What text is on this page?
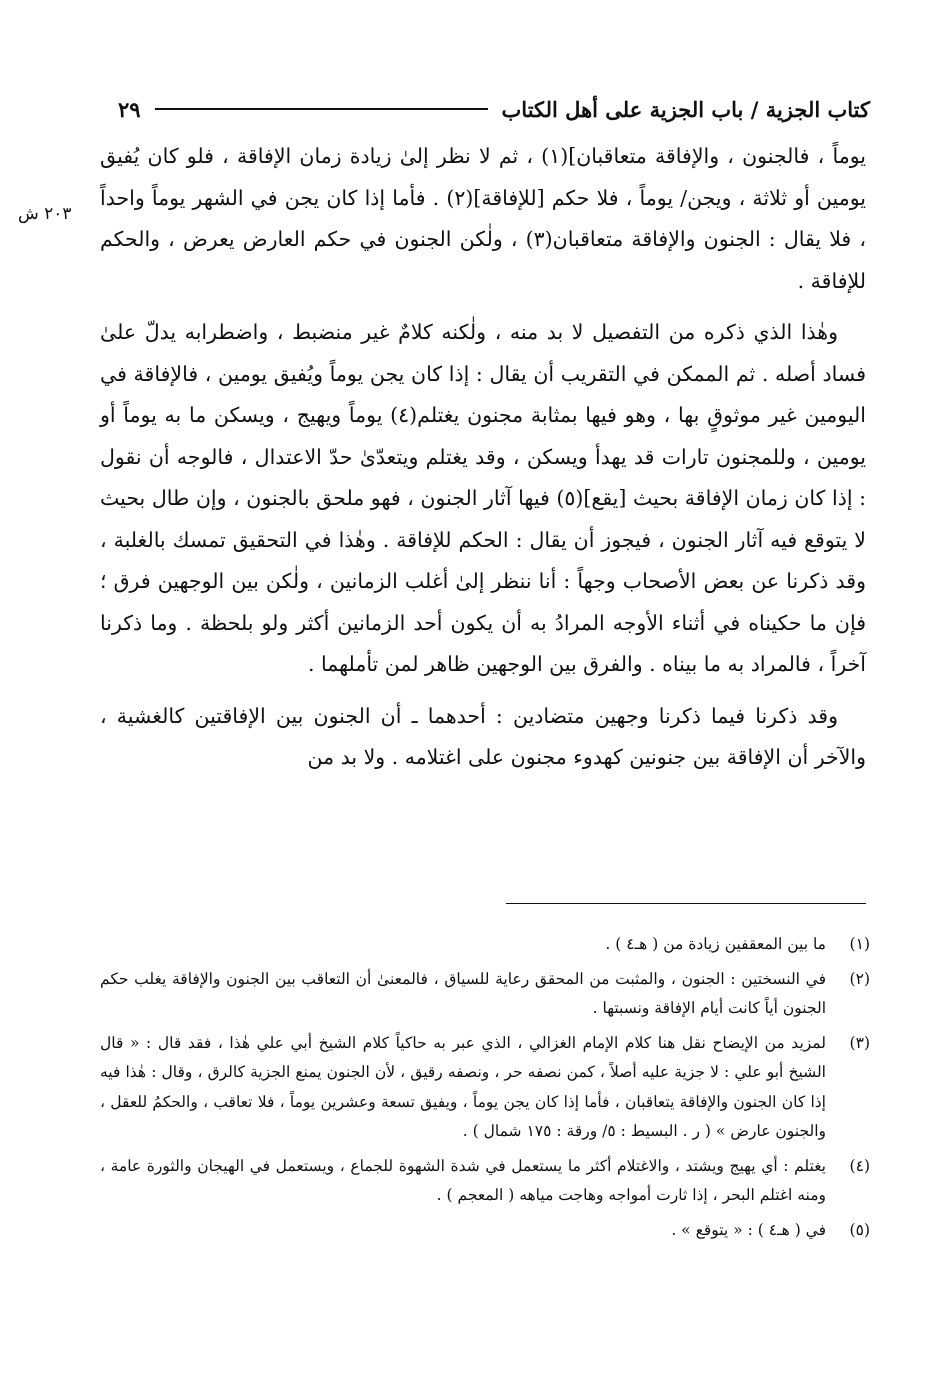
كتاب الجزية / باب الجزية على أهل الكتاب
٢٩
٢٠٣ ش

يوماً ، فالجنون ، والإفاقة متعاقبان](١) ، ثم لا نظر إلىٰ زيادة زمان الإفاقة ، فلو كان يُفيق يومين أو ثلاثة ، ويجن/ يوماً ، فلا حكم [للإفاقة](٢) . فأما إذا كان يجن في الشهر يوماً واحداً ، فلا يقال : الجنون والإفاقة متعاقبان(٣) ، ولٰكن الجنون في حكم العارض يعرض ، والحكم للإفاقة .

وهٰذا الذي ذكره من التفصيل لا بد منه ، ولٰكنه كلامٌ غير منضبط ، واضطرابه يدلّ علىٰ فساد أصله . ثم الممكن في التقريب أن يقال : إذا كان يجن يوماً ويُفيق يومين ، فالإفاقة في اليومين غير موثوقٍ بها ، وهو فيها بمثابة مجنون يغتلم(٤) يوماً ويهيج ، ويسكن ما به يوماً أو يومين ، وللمجنون تارات قد يهدأ ويسكن ، وقد يغتلم ويتعدّىٰ حدّ الاعتدال ، فالوجه أن نقول : إذا كان زمان الإفاقة بحيث [يقع](٥) فيها آثار الجنون ، فهو ملحق بالجنون ، وإن طال بحيث لا يتوقع فيه آثار الجنون ، فيجوز أن يقال : الحكم للإفاقة . وهٰذا في التحقيق تمسك بالغلبة ، وقد ذكرنا عن بعض الأصحاب وجهاً : أنا ننظر إلىٰ أغلب الزمانين ، ولٰكن بين الوجهين فرق ؛ فإن ما حكيناه في أثناء الأوجه المرادُ به أن يكون أحد الزمانين أكثر ولو بلحظة . وما ذكرنا آخراً ، فالمراد به ما بيناه . والفرق بين الوجهين ظاهر لمن تأملهما .

وقد ذكرنا فيما ذكرنا وجهين متضادين : أحدهما ـ أن الجنون بين الإفاقتين كالغشية ، والآخر أن الإفاقة بين جنونين كهدوء مجنون على اغتلامه . ولا بد من

(١)
ما بين المعقفين زيادة من ( هـ٤ ) .
(٢)
في النسختين : الجنون ، والمثبت من المحقق رعاية للسياق ، فالمعنىٰ أن التعاقب بين الجنون والإفاقة يغلب حكم الجنون أياً كانت أيام الإفاقة ونسبتها .
(٣)
لمزيد من الإيضاح نقل هنا كلام الإمام الغزالي ، الذي عبر به حاكياً كلام الشيخ أبي علي هٰذا ، فقد قال : « قال الشيخ أبو علي : لا جزية عليه أصلاً ، كمن نصفه حر ، ونصفه رقيق ، لأن الجنون يمنع الجزية كالرق ، وقال : هٰذا فيه إذا كان الجنون والإفاقة يتعاقبان ، فأما إذا كان يجن يوماً ، ويفيق تسعة وعشرين يوماً ، فلا تعاقب ، والحكمُ للعقل ، والجنون عارض » ( ر . البسيط : ٥/ ورقة : ١٧٥ شمال ) .
(٤)
يغتلم : أي يهيج ويشتد ، والاغتلام أكثر ما يستعمل في شدة الشهوة للجماع ، ويستعمل في الهيجان والثورة عامة ، ومنه اغتلم البحر ، إذا ثارت أمواجه وهاجت مياهه ( المعجم ) .
(٥)
في ( هـ٤ ) : « يتوقع » .
